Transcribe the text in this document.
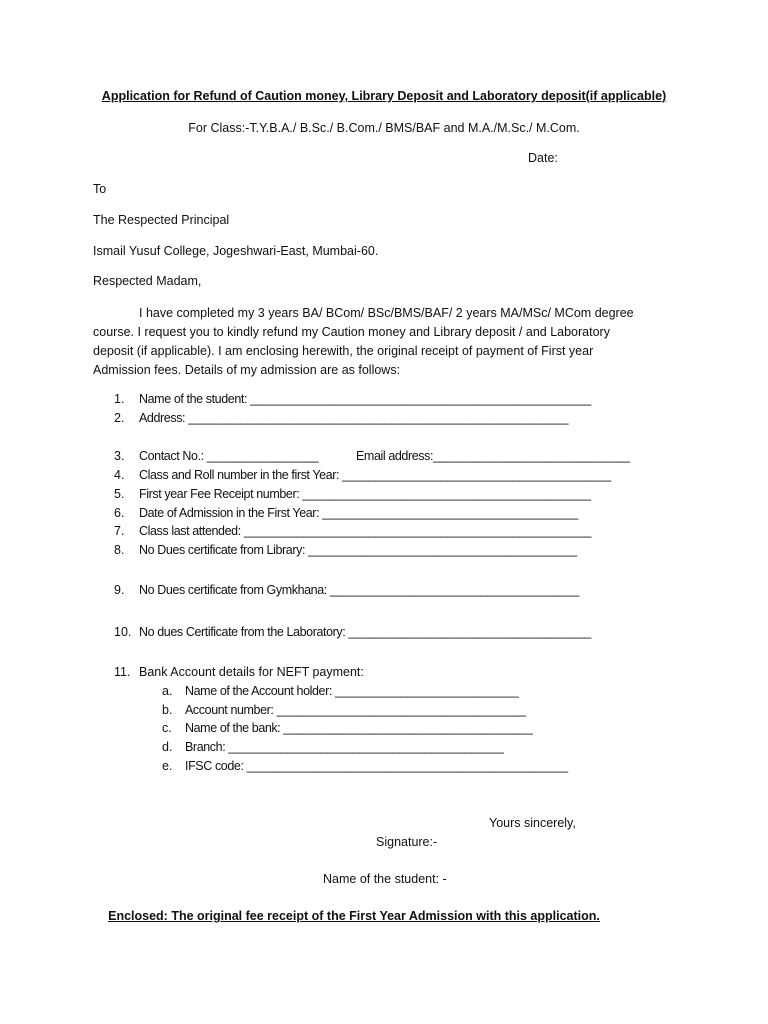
Application for Refund of Caution money, Library Deposit and Laboratory deposit(if applicable)

For Class:-T.Y.B.A./ B.Sc./ B.Com./ BMS/BAF and M.A./M.Sc./ M.Com.

Date:

To

The Respected Principal

Ismail Yusuf College, Jogeshwari-East, Mumbai-60.

Respected Madam,

I have completed my 3 years BA/ BCom/ BSc/BMS/BAF/ 2 years MA/MSc/ MCom degree course. I request you to kindly refund my Caution money and Library deposit / and Laboratory deposit (if applicable). I am enclosing herewith, the original receipt of payment of First year Admission fees. Details of my admission are as follows:

1. Name of the student: ____________________________________________________
2. Address: __________________________________________________________
3. Contact No.: _________________	Email address:______________________________
4. Class and Roll number in the first Year: _________________________________________
5. First year Fee Receipt number: ____________________________________________
6. Date of Admission in the First Year: _______________________________________
7. Class last attended: _____________________________________________________
8. No Dues certificate from Library: _________________________________________
9. No Dues certificate from Gymkhana: ______________________________________
10. No dues Certificate from the Laboratory: _____________________________________
11. Bank Account details for NEFT payment:
a. Name of the Account holder: ____________________________
b. Account number: ______________________________________
c. Name of the bank: ______________________________________
d. Branch: __________________________________________
e. IFSC code: _________________________________________________

Yours sincerely,

Signature:-

Name of the student: -

Enclosed: The original fee receipt of the First Year Admission with this application.
